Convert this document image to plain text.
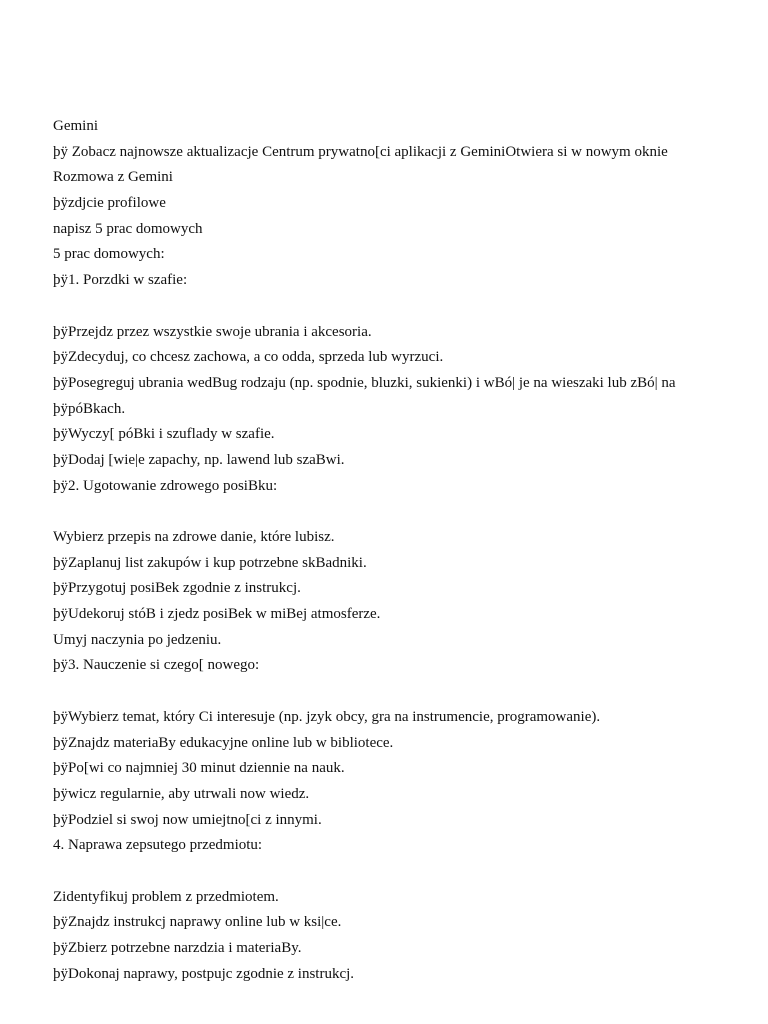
Gemini
þÿ Zobacz najnowsze aktualizacje Centrum prywatno[ci aplikacji z GeminiOtwiera si w nowym oknie
Rozmowa z Gemini
þÿzdjcie profilowe
napisz 5 prac domowych
5 prac domowych:
þÿ1. Porzdki w szafie:
þÿPrzejdz przez wszystkie swoje ubrania i akcesoria.
þÿZdecyduj, co chcesz zachowa, a co odda, sprzeda lub wyrzuci.
þÿPosegreguj ubrania wedBug rodzaju (np. spodnie, bluzki, sukienki) i wBó| je na wieszaki lub zBó| na
þÿpóBkach.
þÿWyczy[ póBki i szuflady w szafie.
þÿDodaj [wie|e zapachy, np. lawend lub szaBwi.
þÿ2. Ugotowanie zdrowego posiBku:
Wybierz przepis na zdrowe danie, które lubisz.
þÿZaplanuj list zakupów i kup potrzebne skBadniki.
þÿPrzygotuj posiBek zgodnie z instrukcj.
þÿUdekoruj stóB i zjedz posiBek w miBej atmosferze.
Umyj naczynia po jedzeniu.
þÿ3. Nauczenie si czego[ nowego:
þÿWybierz temat, który Ci interesuje (np. jzyk obcy, gra na instrumencie, programowanie).
þÿZnajdz materiaBy edukacyjne online lub w bibliotece.
þÿPo[wi co najmniej 30 minut dziennie na nauk.
þÿwicz regularnie, aby utrwali now wiedz.
þÿPodziel si swoj now umiejtno[ci z innymi.
4. Naprawa zepsutego przedmiotu:
Zidentyfikuj problem z przedmiotem.
þÿZnajdz instrukcj naprawy online lub w ksi|ce.
þÿZbierz potrzebne narzdzia i materiaBy.
þÿDokonaj naprawy, postpujc zgodnie z instrukcj.
